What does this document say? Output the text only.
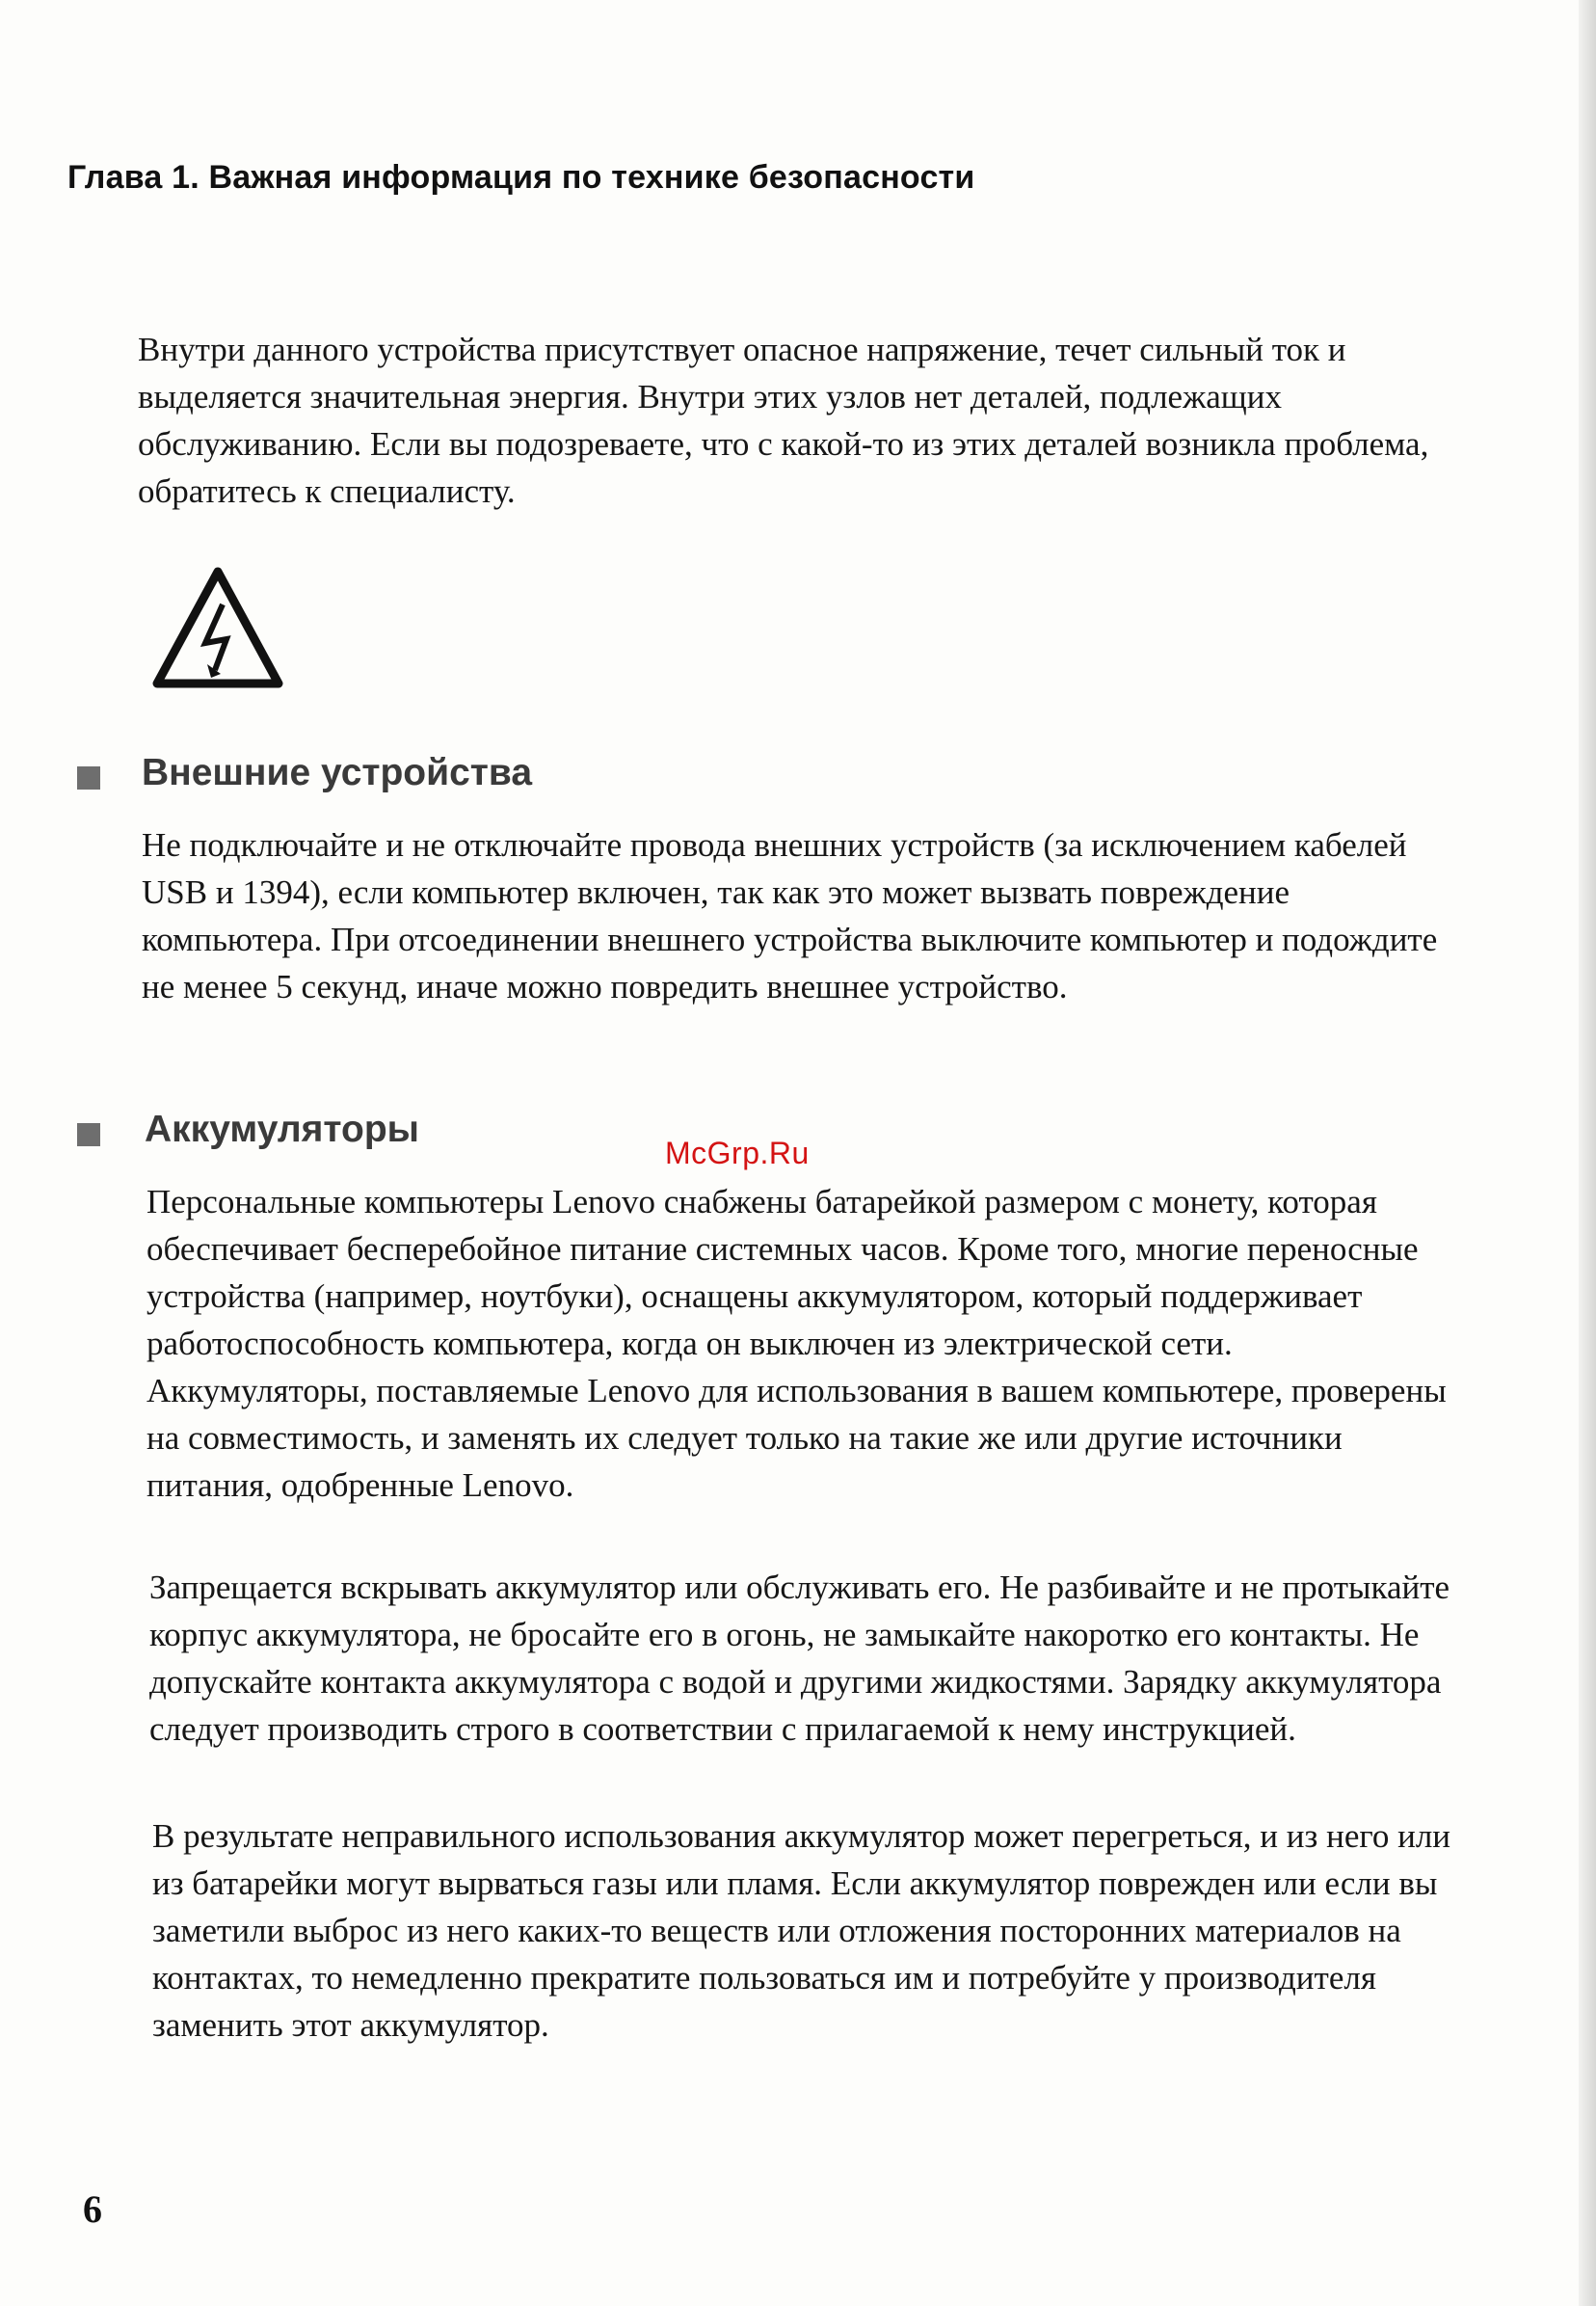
Глава 1. Важная информация по технике безопасности

Внутри данного устройства присутствует опасное напряжение, течет сильный ток и выделяется значительная энергия. Внутри этих узлов нет деталей, подлежащих обслуживанию. Если вы подозреваете, что с какой-то из этих деталей возникла проблема, обратитесь к специалисту.

Внешние устройства

Не подключайте и не отключайте провода внешних устройств (за исключением кабелей USB и 1394), если компьютер включен, так как это может вызвать повреждение компьютера. При отсоединении внешнего устройства выключите компьютер и подождите не менее 5 секунд, иначе можно повредить внешнее устройство.

Аккумуляторы
McGrp.Ru

Персональные компьютеры Lenovo снабжены батарейкой размером с монету, которая обеспечивает бесперебойное питание системных часов. Кроме того, многие переносные устройства (например, ноутбуки), оснащены аккумулятором, который поддерживает работоспособность компьютера, когда он выключен из электрической сети. Аккумуляторы, поставляемые Lenovo для использования в вашем компьютере, проверены на совместимость, и заменять их следует только на такие же или другие источники питания, одобренные Lenovo.

Запрещается вскрывать аккумулятор или обслуживать его. Не разбивайте и не протыкайте корпус аккумулятора, не бросайте его в огонь, не замыкайте накоротко его контакты. Не допускайте контакта аккумулятора с водой и другими жидкостями. Зарядку аккумулятора следует производить строго в соответствии с прилагаемой к нему инструкцией.

В результате неправильного использования аккумулятор может перегреться, и из него или из батарейки могут вырваться газы или пламя. Если аккумулятор поврежден или если вы заметили выброс из него каких-то веществ или отложения посторонних материалов на контактах, то немедленно прекратите пользоваться им и потребуйте у производителя заменить этот аккумулятор.

6
